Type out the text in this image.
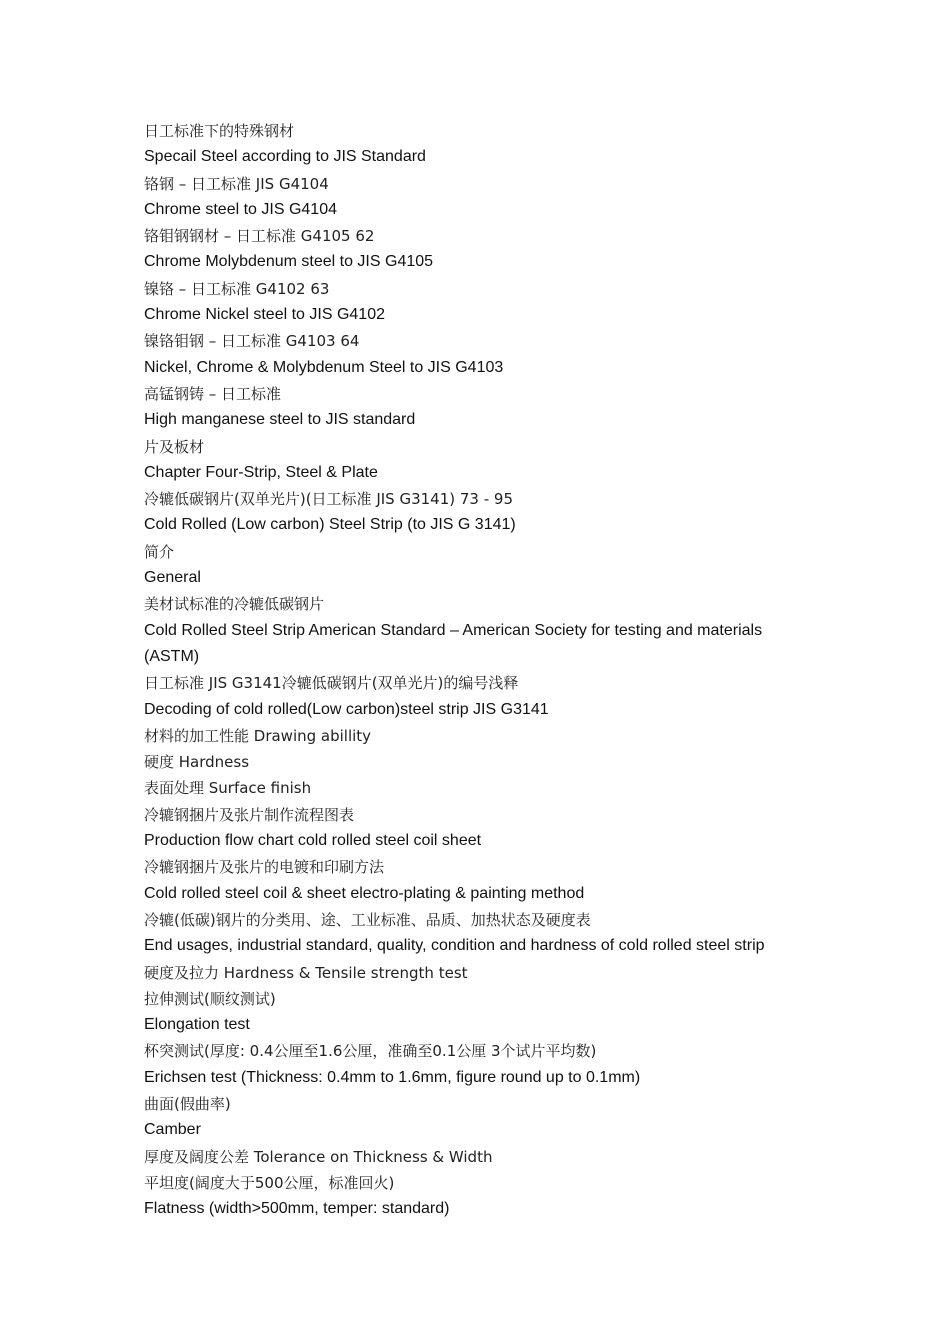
日工标准下的特殊钢材
Specail Steel according to JIS Standard
铬钢 – 日工标准 JIS G4104
Chrome steel to JIS G4104
铬钼钢钢材 – 日工标准 G4105 62
Chrome Molybdenum steel to JIS G4105
镍铬 – 日工标准 G4102 63
Chrome Nickel steel to JIS G4102
镍铬钼钢 – 日工标准 G4103 64
Nickel, Chrome & Molybdenum Steel to JIS G4103
高锰钢铸 – 日工标准
High manganese steel to JIS standard
片及板材
Chapter Four-Strip, Steel & Plate
冷辘低碳钢片(双单光片)(日工标准 JIS G3141) 73 - 95
Cold Rolled (Low carbon) Steel Strip (to JIS G 3141)
简介
General
美材试标准的冷辘低碳钢片
Cold Rolled Steel Strip American Standard – American Society for testing and materials
(ASTM)
日工标准 JIS G3141冷辘低碳钢片(双单光片)的编号浅释
Decoding of cold rolled(Low carbon)steel strip JIS G3141
材料的加工性能 Drawing abillity
硬度 Hardness
表面处理 Surface finish
冷辘钢捆片及张片制作流程图表
Production flow chart cold rolled steel coil sheet
冷辘钢捆片及张片的电镀和印刷方法
Cold rolled steel coil & sheet electro-plating & painting method
冷辘(低碳)钢片的分类用、途、工业标准、品质、加热状态及硬度表
End usages, industrial standard, quality, condition and hardness of cold rolled steel strip
硬度及拉力 Hardness & Tensile strength test
拉伸测试(顺纹测试)
Elongation test
杯突测试(厚度: 0.4公厘至1.6公厘，准确至0.1公厘 3个试片平均数)
Erichsen test (Thickness: 0.4mm to 1.6mm, figure round up to 0.1mm)
曲面(假曲率)
Camber
厚度及阔度公差 Tolerance on Thickness & Width
平坦度(阔度大于500公厘，标准回火)
Flatness (width>500mm, temper: standard)
